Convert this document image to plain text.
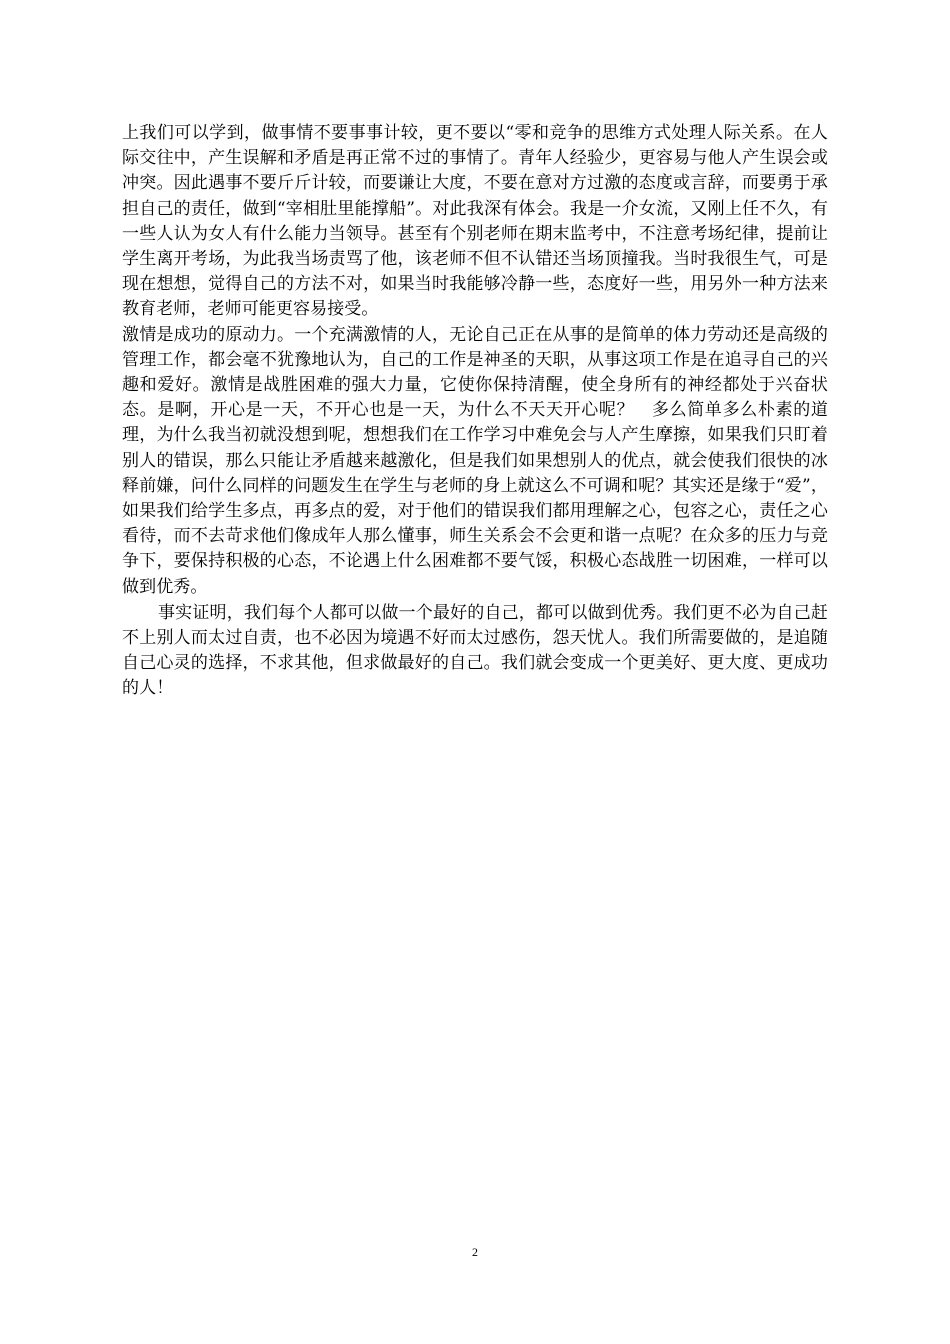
上我们可以学到，做事情不要事事计较，更不要以“零和竞争的思维方式处理人际关系。在人际交往中，产生误解和矛盾是再正常不过的事情了。青年人经验少，更容易与他人产生误会或冲突。因此遇事不要斤斤计较，而要谦让大度，不要在意对方过激的态度或言辞，而要勇于承担自己的责任，做到“宰相肚里能撑船”。对此我深有体会。我是一介女流，又刚上任不久，有一些人认为女人有什么能力当领导。甚至有个别老师在期末监考中，不注意考场纪律，提前让学生离开考场，为此我当场责骂了他，该老师不但不认错还当场顶撞我。当时我很生气，可是现在想想，觉得自己的方法不对，如果当时我能够冷静一些，态度好一些，用另外一种方法来教育老师，老师可能更容易接受。

激情是成功的原动力。一个充满激情的人，无论自己正在从事的是简单的体力劳动还是高级的管理工作，都会毫不犹豫地认为，自己的工作是神圣的天职，从事这项工作是在追寻自己的兴趣和爱好。激情是战胜困难的强大力量，它使你保持清醒，使全身所有的神经都处于兴奋状态。是啊，开心是一天，不开心也是一天，为什么不天天开心呢？　多么简单多么朴素的道理，为什么我当初就没想到呢，想想我们在工作学习中难免会与人产生摩擦，如果我们只盯着别人的错误，那么只能让矛盾越来越激化，但是我们如果想别人的优点，就会使我们很快的冰释前嫌，问什么同样的问题发生在学生与老师的身上就这么不可调和呢？其实还是缘于“爱”，如果我们给学生多点，再多点的爱，对于他们的错误我们都用理解之心，包容之心，责任之心看待，而不去苛求他们像成年人那么懂事，师生关系会不会更和谐一点呢？在众多的压力与竞争下，要保持积极的心态，不论遇上什么困难都不要气馁，积极心态战胜一切困难，一样可以做到优秀。

事实证明，我们每个人都可以做一个最好的自己，都可以做到优秀。我们更不必为自己赶不上别人而太过自责，也不必因为境遇不好而太过感伤，怨天忧人。我们所需要做的，是追随自己心灵的选择，不求其他，但求做最好的自己。我们就会变成一个更美好、更大度、更成功的人！

2
